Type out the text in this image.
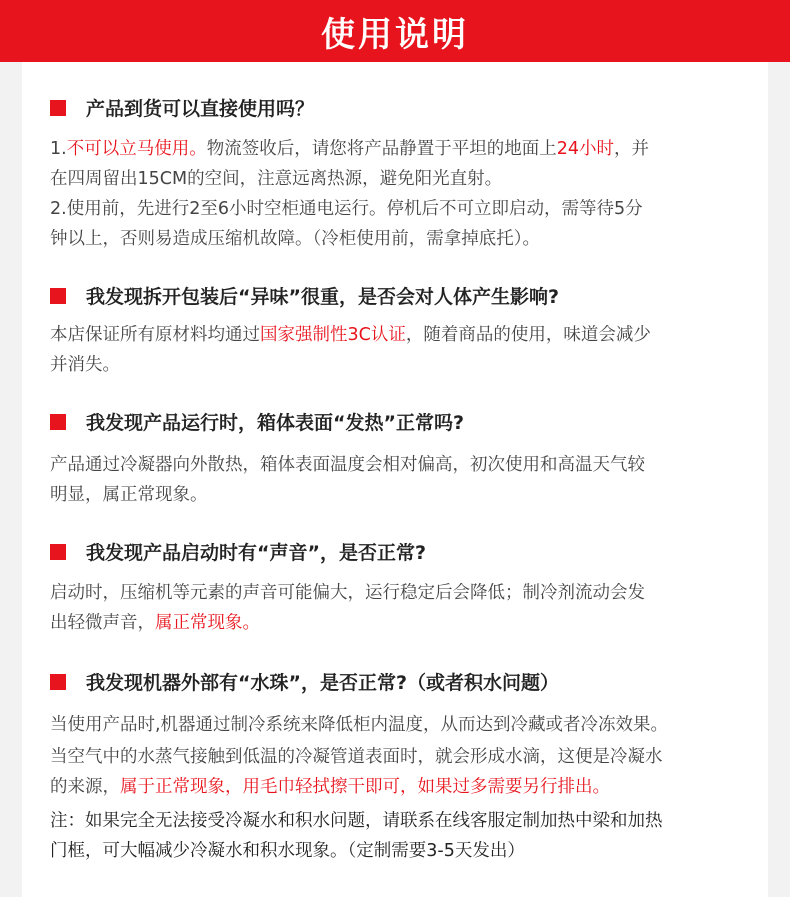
使用说明
产品到货可以直接使用吗？
1.不可以立马使用。物流签收后，请您将产品静置于平坦的地面上24小时，并
在四周留出15CM的空间，注意远离热源，避免阳光直射。
2.使用前，先进行2至6小时空柜通电运行。停机后不可立即启动，需等待5分
钟以上，否则易造成压缩机故障。（冷柜使用前，需拿掉底托）。
我发现拆开包装后“异味”很重，是否会对人体产生影响?
本店保证所有原材料均通过国家强制性3C认证，随着商品的使用，味道会减少
并消失。
我发现产品运行时，箱体表面“发热”正常吗?
产品通过冷凝器向外散热，箱体表面温度会相对偏高，初次使用和高温天气较
明显，属正常现象。
我发现产品启动时有“声音”，是否正常?
启动时，压缩机等元素的声音可能偏大，运行稳定后会降低；制冷剂流动会发
出轻微声音，属正常现象。
我发现机器外部有“水珠”，是否正常?（或者积水问题）
当使用产品时,机器通过制冷系统来降低柜内温度，从而达到冷藏或者冷冻效果。
当空气中的水蒸气接触到低温的冷凝管道表面时，就会形成水滴，这便是冷凝水
的来源，属于正常现象，用毛巾轻拭擦干即可，如果过多需要另行排出。
注：如果完全无法接受冷凝水和积水问题，请联系在线客服定制加热中梁和加热
门框，可大幅减少冷凝水和积水现象。（定制需要3-5天发出）
